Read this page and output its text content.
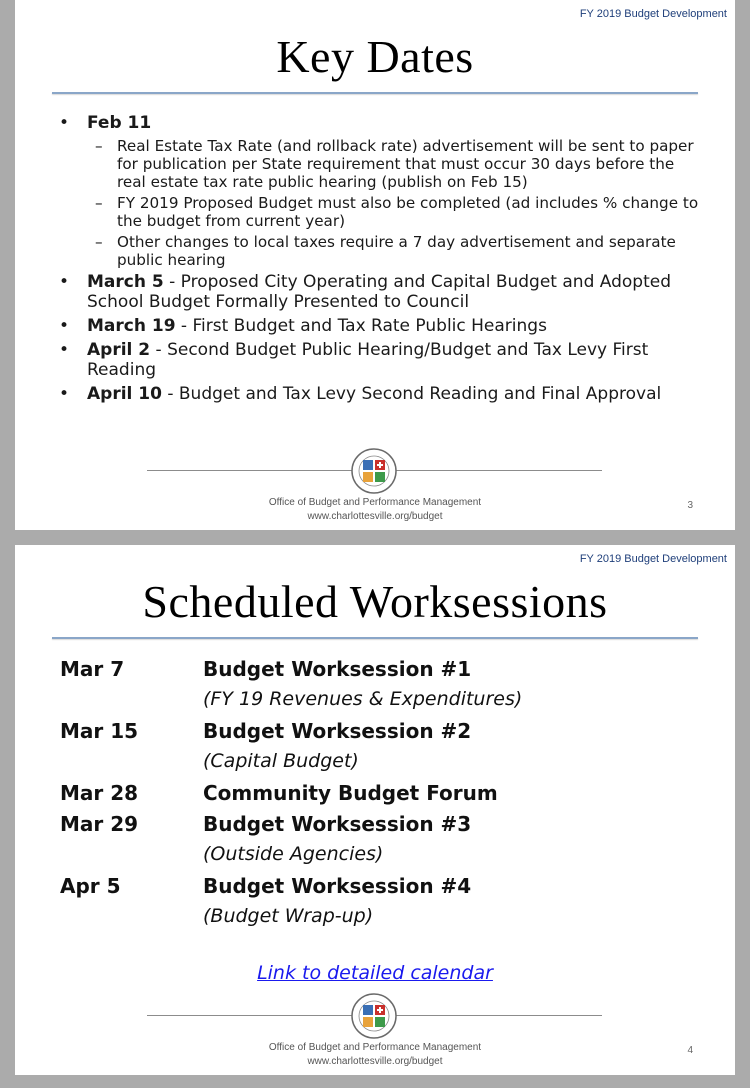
FY 2019 Budget Development
Key Dates
• Feb 11
– Real Estate Tax Rate (and rollback rate) advertisement will be sent to paper for publication per State requirement that must occur 30 days before the real estate tax rate public hearing (publish on Feb 15)
– FY 2019 Proposed Budget must also be completed (ad includes % change to the budget from current year)
– Other changes to local taxes require a 7 day advertisement and separate public hearing
• March 5 - Proposed City Operating and Capital Budget and Adopted School Budget Formally Presented to Council
• March 19 - First Budget and Tax Rate Public Hearings
• April 2 - Second Budget Public Hearing/Budget and Tax Levy First Reading
• April 10 - Budget and Tax Levy Second Reading and Final Approval
Office of Budget and Performance Management
www.charlottesville.org/budget
3
FY 2019 Budget Development
Scheduled Worksessions
Mar 7	Budget Worksession #1
(FY 19 Revenues & Expenditures)
Mar 15	Budget Worksession #2
(Capital Budget)
Mar 28	Community Budget Forum
Mar 29	Budget Worksession #3
(Outside Agencies)
Apr 5	Budget Worksession #4
(Budget Wrap-up)
Link to detailed calendar
Office of Budget and Performance Management
www.charlottesville.org/budget
4
